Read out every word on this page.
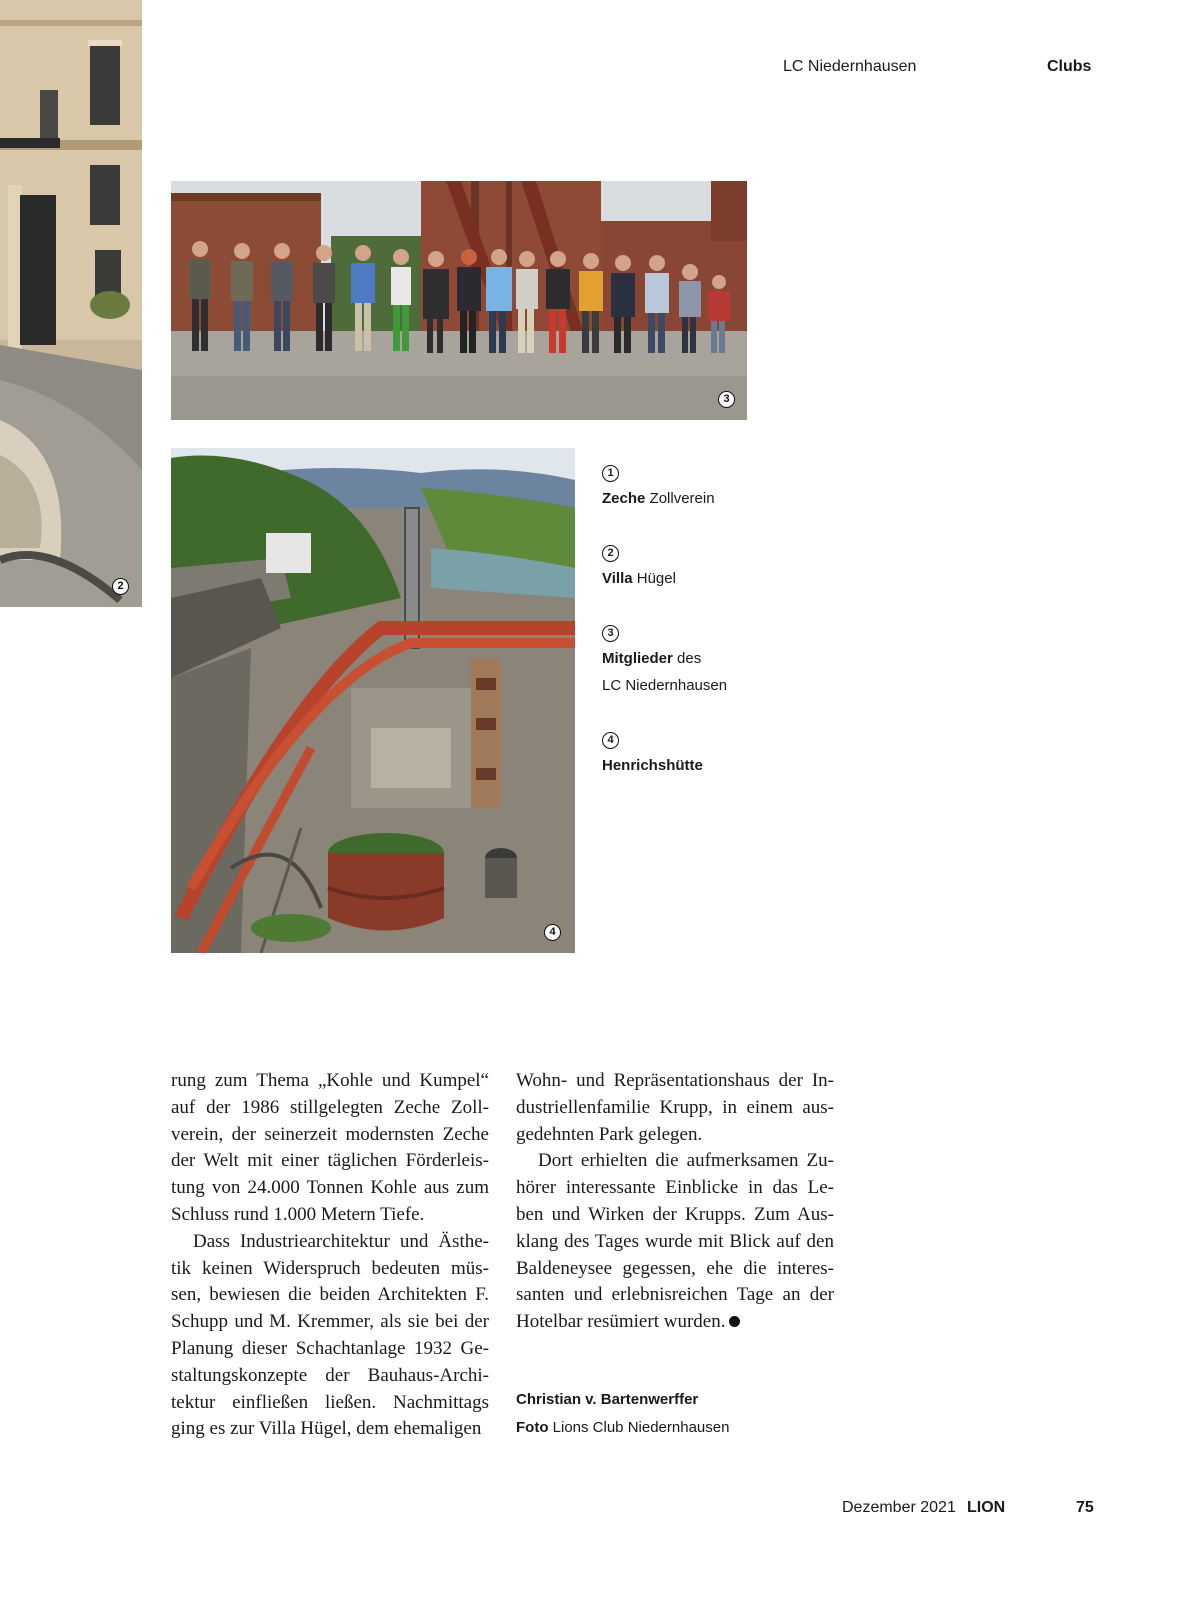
LC Niedernhausen	Clubs
2
3
4
1
Zeche Zollverein
2
Villa Hügel
3
Mitglieder des
LC Niedernhausen
4
Henrichshütte

rung zum Thema „Kohle und Kumpel“ auf der 1986 stillgelegten Zeche Zoll-verein, der seinerzeit modernsten Zeche der Welt mit einer täglichen Förderleis-tung von 24.000 Tonnen Kohle aus zum Schluss rund 1.000 Metern Tiefe.

Dass Industriearchitektur und Ästhe-tik keinen Widerspruch bedeuten müs-sen, bewiesen die beiden Architekten F. Schupp und M. Kremmer, als sie bei der Planung dieser Schachtanlage 1932 Ge-staltungskonzepte der Bauhaus-Archi-tektur einfließen ließen. Nachmittags ging es zur Villa Hügel, dem ehemaligen

Wohn- und Repräsentationshaus der In-dustriellenfamilie Krupp, in einem aus-gedehnten Park gelegen.

Dort erhielten die aufmerksamen Zu-hörer interessante Einblicke in das Le-ben und Wirken der Krupps. Zum Aus-klang des Tages wurde mit Blick auf den Baldeneysee gegessen, ehe die interes-santen und erlebnisreichen Tage an der Hotelbar resümiert wurden.

Christian v. Bartenwerffer
Foto Lions Club Niedernhausen
Dezember 2021 LION	75
